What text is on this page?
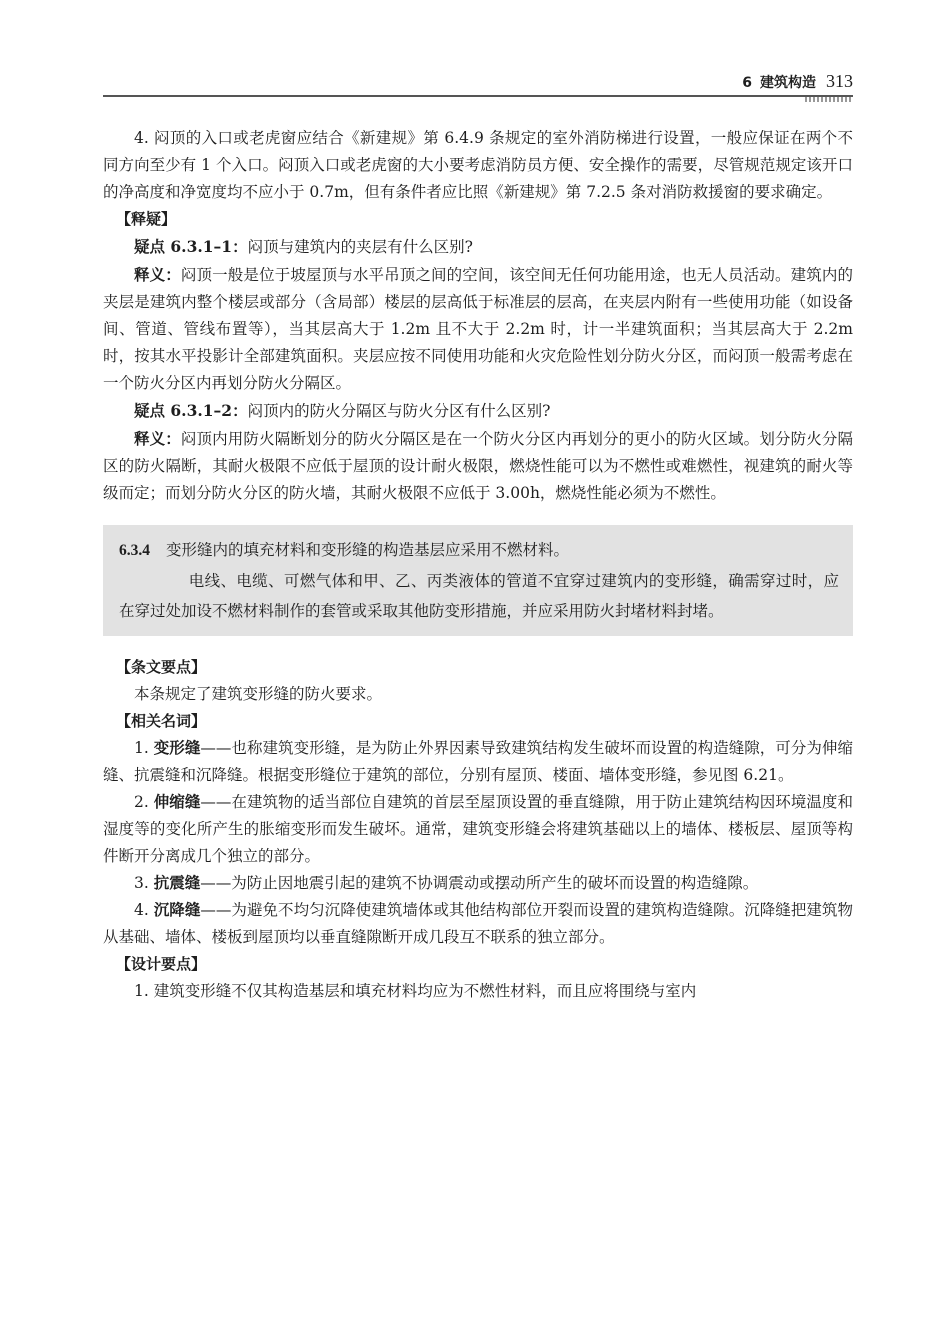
6 建筑构造 313

4. 闷顶的入口或老虎窗应结合《新建规》第 6.4.9 条规定的室外消防梯进行设置，一般应保证在两个不同方向至少有 1 个入口。闷顶入口或老虎窗的大小要考虑消防员方便、安全操作的需要，尽管规范规定该开口的净高度和净宽度均不应小于 0.7m，但有条件者应比照《新建规》第 7.2.5 条对消防救援窗的要求确定。

【释疑】

疑点 6.3.1–1：闷顶与建筑内的夹层有什么区别?

释义：闷顶一般是位于坡屋顶与水平吊顶之间的空间，该空间无任何功能用途，也无人员活动。建筑内的夹层是建筑内整个楼层或部分（含局部）楼层的层高低于标准层的层高，在夹层内附有一些使用功能（如设备间、管道、管线布置等），当其层高大于 1.2m 且不大于 2.2m 时，计一半建筑面积；当其层高大于 2.2m 时，按其水平投影计全部建筑面积。夹层应按不同使用功能和火灾危险性划分防火分区，而闷顶一般需考虑在一个防火分区内再划分防火分隔区。

疑点 6.3.1–2：闷顶内的防火分隔区与防火分区有什么区别?

释义：闷顶内用防火隔断划分的防火分隔区是在一个防火分区内再划分的更小的防火区域。划分防火分隔区的防火隔断，其耐火极限不应低于屋顶的设计耐火极限，燃烧性能可以为不燃性或难燃性，视建筑的耐火等级而定；而划分防火分区的防火墙，其耐火极限不应低于 3.00h，燃烧性能必须为不燃性。

6.3.4 变形缝内的填充材料和变形缝的构造基层应采用不燃材料。

电线、电缆、可燃气体和甲、乙、丙类液体的管道不宜穿过建筑内的变形缝，确需穿过时，应在穿过处加设不燃材料制作的套管或采取其他防变形措施，并应采用防火封堵材料封堵。

【条文要点】

本条规定了建筑变形缝的防火要求。

【相关名词】

1. 变形缝——也称建筑变形缝，是为防止外界因素导致建筑结构发生破坏而设置的构造缝隙，可分为伸缩缝、抗震缝和沉降缝。根据变形缝位于建筑的部位，分别有屋顶、楼面、墙体变形缝，参见图 6.21。

2. 伸缩缝——在建筑物的适当部位自建筑的首层至屋顶设置的垂直缝隙，用于防止建筑结构因环境温度和湿度等的变化所产生的胀缩变形而发生破坏。通常，建筑变形缝会将建筑基础以上的墙体、楼板层、屋顶等构件断开分离成几个独立的部分。

3. 抗震缝——为防止因地震引起的建筑不协调震动或摆动所产生的破坏而设置的构造缝隙。

4. 沉降缝——为避免不均匀沉降使建筑墙体或其他结构部位开裂而设置的建筑构造缝隙。沉降缝把建筑物从基础、墙体、楼板到屋顶均以垂直缝隙断开成几段互不联系的独立部分。

【设计要点】

1. 建筑变形缝不仅其构造基层和填充材料均应为不燃性材料，而且应将围绕与室内
